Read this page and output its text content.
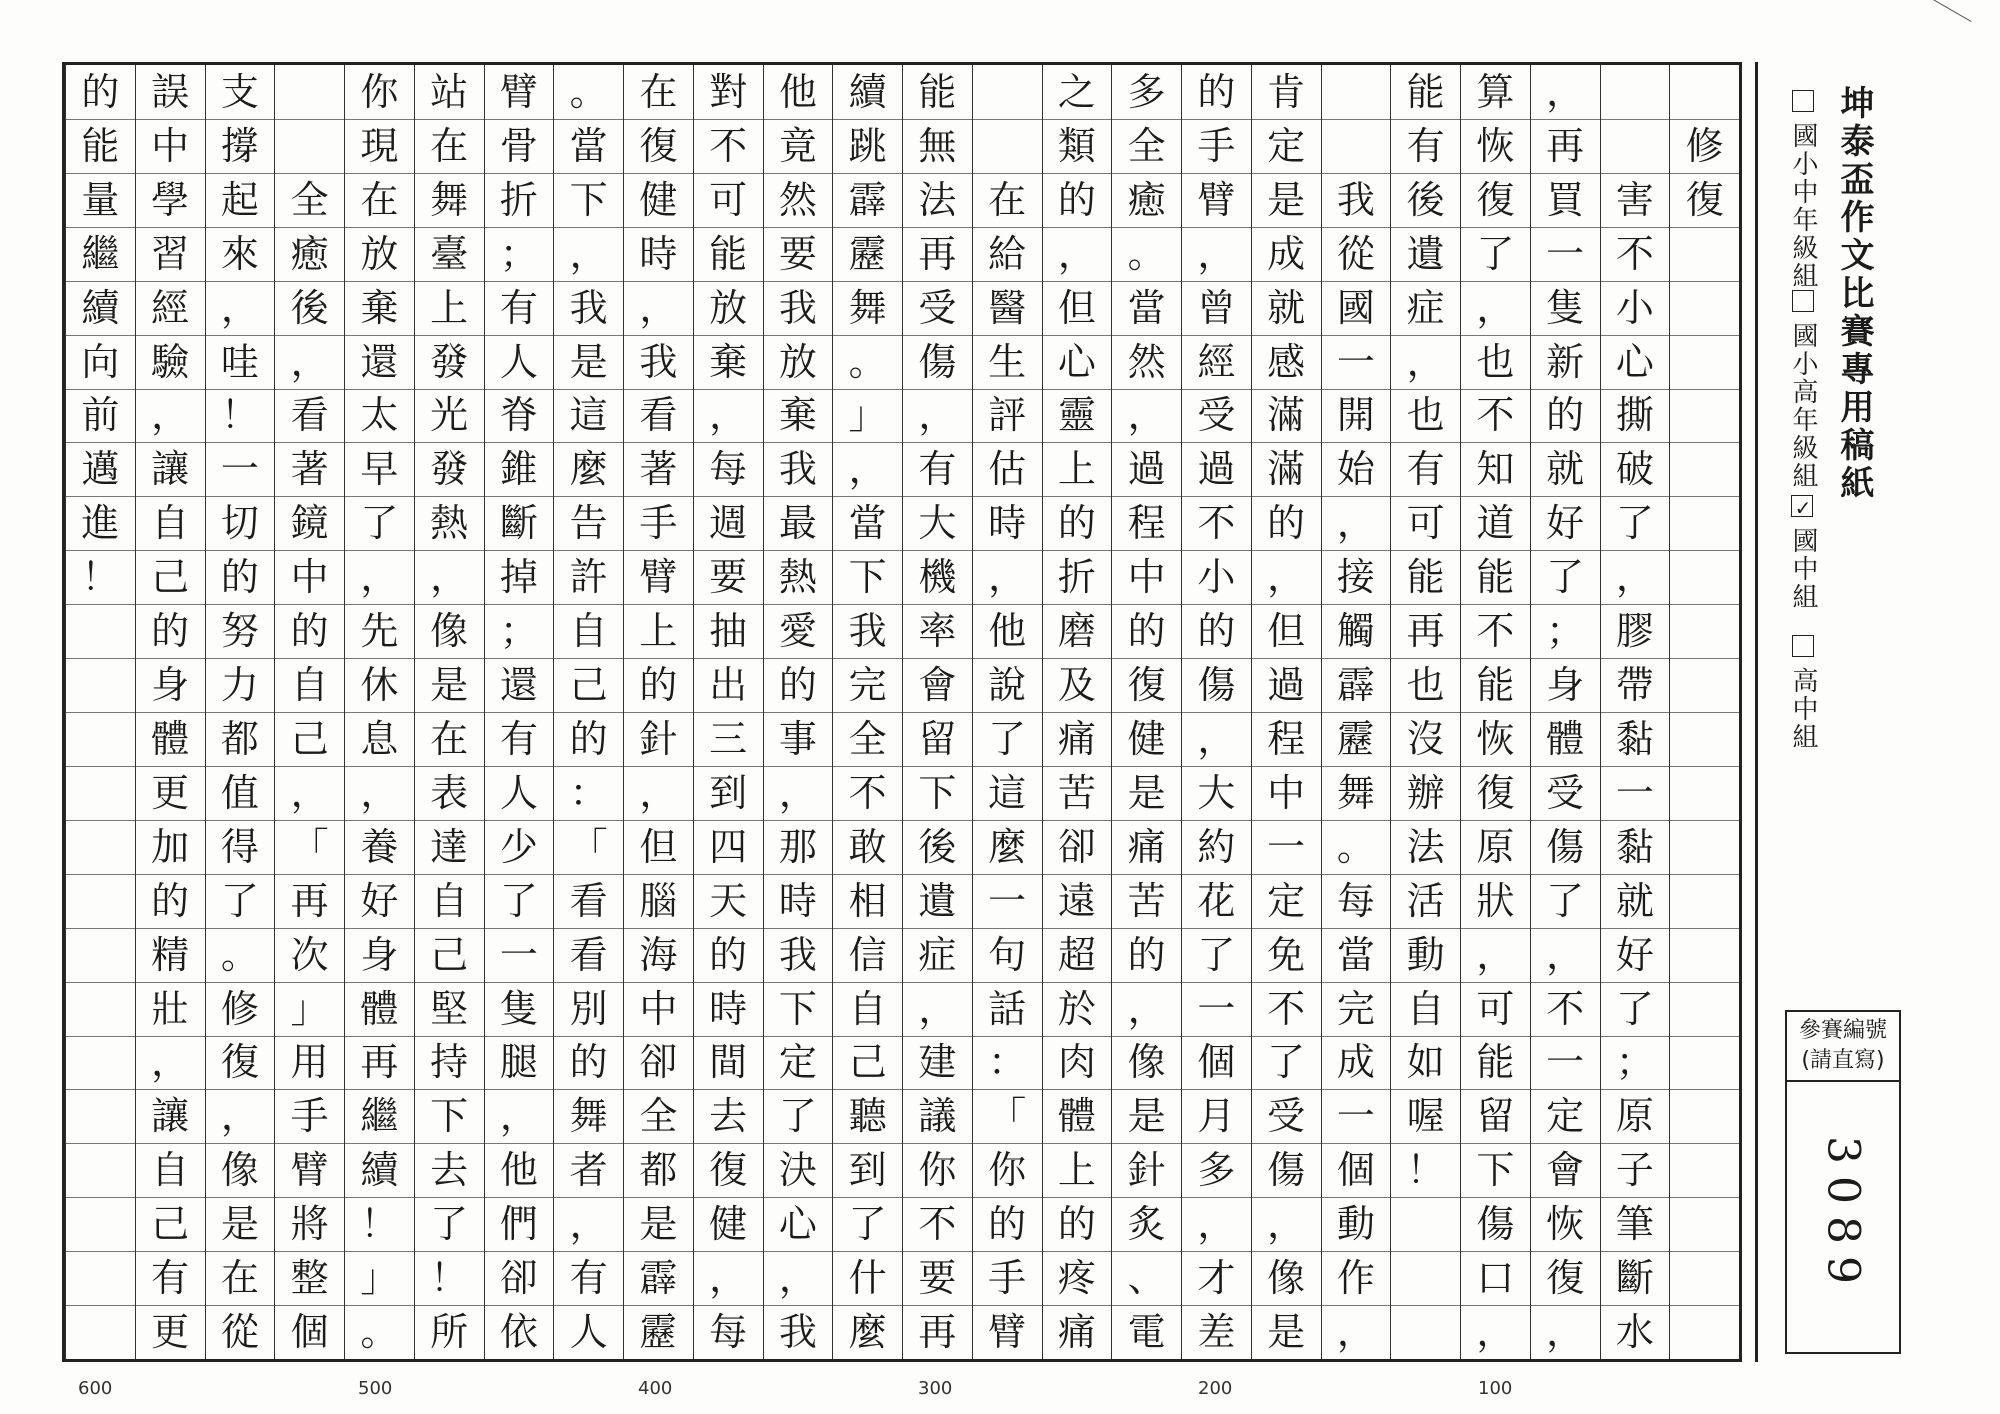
修
復

害
不
小
心
撕
破
了
，
膠
帶
黏
一
黏
就
好
了
；
原
子
筆
斷
水
，
再
買
一
隻
新
的
就
好
了
；
身
體
受
傷
了
，
不
一
定
會
恢
復
，
算
恢
復
了
，
也
不
知
道
能
不
能
恢
復
原
狀
，
可
能
留
下
傷
口
，
能
有
後
遺
症
，
也
有
可
能
再
也
沒
辦
法
活
動
自
如
喔
！

我
從
國
一
開
始
，
接
觸
霹
靂
舞
。
每
當
完
成
一
個
動
作
，
肯
定
是
成
就
感
滿
滿
的
，
但
過
程
中
一
定
免
不
了
受
傷
，
像
是
的
手
臂
，
曾
經
受
過
不
小
的
傷
，
大
約
花
了
一
個
月
多
，
才
差
多
全
癒
。
當
然
，
過
程
中
的
復
健
是
痛
苦
的
，
像
是
針
炙
、
電
之
類
的
，
但
心
靈
上
的
折
磨
及
痛
苦
卻
遠
超
於
肉
體
上
的
疼
痛

在
給
醫
生
評
估
時
，
他
說
了
這
麼
一
句
話
：
「
你
的
手
臂
能
無
法
再
受
傷
，
有
大
機
率
會
留
下
後
遺
症
，
建
議
你
不
要
再
續
跳
霹
靂
舞
。
」
，
當
下
我
完
全
不
敢
相
信
自
己
聽
到
了
什
麼
他
竟
然
要
我
放
棄
我
最
熱
愛
的
事
，
那
時
我
下
定
了
決
心
，
我
對
不
可
能
放
棄
，
每
週
要
抽
出
三
到
四
天
的
時
間
去
復
健
，
每
在
復
健
時
，
我
看
著
手
臂
上
的
針
，
但
腦
海
中
卻
全
都
是
霹
靂
。
當
下
，
我
是
這
麼
告
許
自
己
的
：
「
看
看
別
的
舞
者
，
有
人
臂
骨
折
；
有
人
脊
錐
斷
掉
；
還
有
人
少
了
一
隻
腿
，
他
們
卻
依
站
在
舞
臺
上
發
光
發
熱
，
像
是
在
表
達
自
己
堅
持
下
去
了
！
所
你
現
在
放
棄
還
太
早
了
，
先
休
息
，
養
好
身
體
再
繼
續
！
」
。

全
癒
後
，
看
著
鏡
中
的
自
己
，
「
再
次
」
用
手
臂
將
整
個
支
撐
起
來
，
哇
！
一
切
的
努
力
都
值
得
了
。
修
復
，
像
是
在
從
誤
中
學
習
經
驗
，
讓
自
己
的
身
體
更
加
的
精
壯
，
讓
自
己
有
更
的
能
量
繼
續
向
前
邁
進
！
坤泰盃作文比賽專用稿紙
國小中年級組
國小高年級組
✓國中組
高中組
參賽編號
(請直寫)
3089
600	500	400	300	200	100
